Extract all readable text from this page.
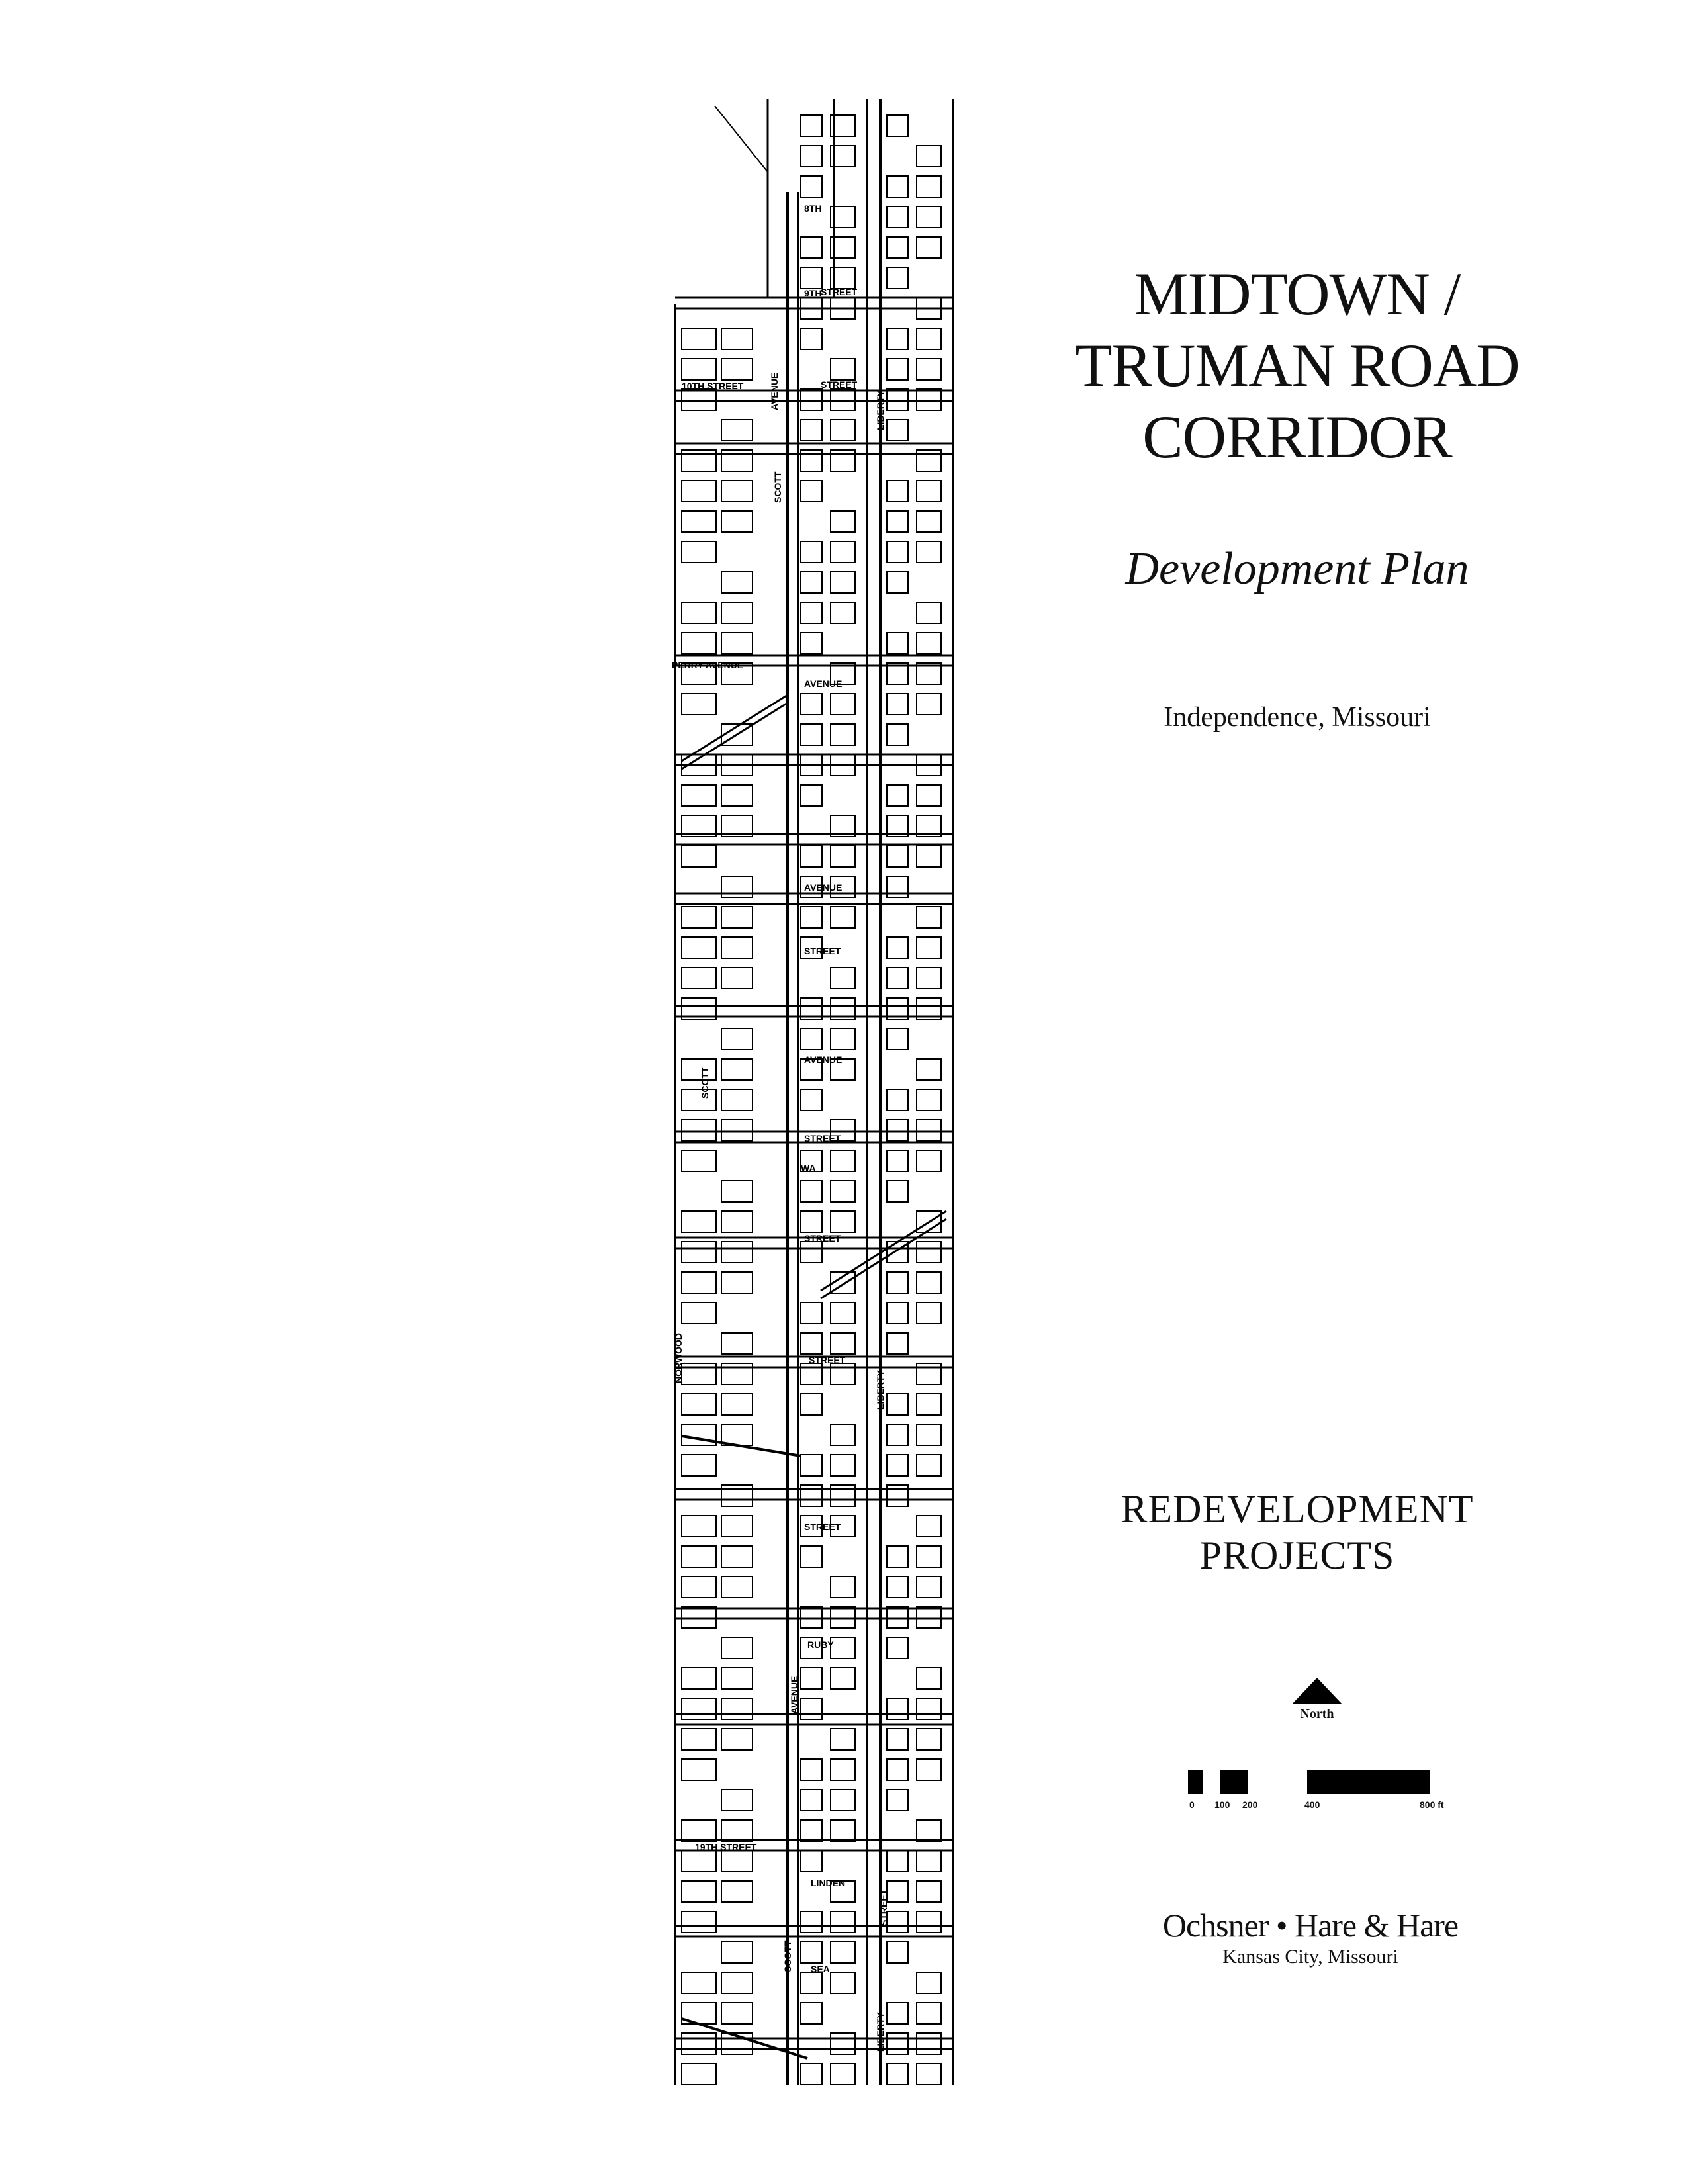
8TH
9TH
STREET
10TH STREET	STREET
AVENUE	LIBERTY
SCOTT
PERRY AVENUE
AVENUE
AVENUE
STREET
STREET
SCOTT
AVENUE
WA
STREET
NORWOOD	STREET
LIBERTY
STREET
RUBY
AVENUE
19TH STREET
LINDEN
STREET
SCOTT SEA
LIBERTY
MIDTOWN /
TRUMAN ROAD
CORRIDOR
Development Plan
Independence, Missouri
REDEVELOPMENT
PROJECTS
North
0 100 200	400	800 ft
Ochsner • Hare & Hare
Kansas City, Missouri
